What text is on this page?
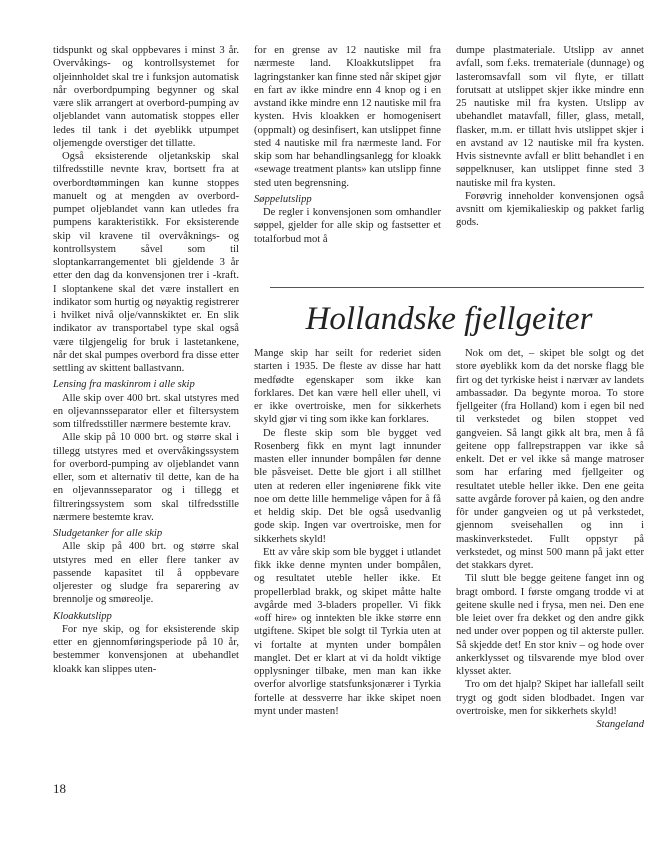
tidspunkt og skal oppbevares i minst 3 år. Overvåkings- og kontrollsystemet for oljeinnholdet skal tre i funksjon automatisk når overbordpumping begynner og skal være slik arrangert at overbord-pumping av oljeblandet vann automatisk stoppes eller ledes til tank i det øyeblikk utpumpet oljemengde overstiger det tillatte.

Også eksisterende oljetankskip skal tilfredsstille nevnte krav, bortsett fra at overbordtømmingen kan kunne stoppes manuelt og at mengden av overbord-pumpet oljeblandet vann kan utledes fra pumpens karakteristikk. For eksisterende skip vil kravene til overvåknings- og kontrollsystem såvel som til sloptankarrangementet bli gjeldende 3 år etter den dag da konvensjonen trer i -kraft. I sloptankene skal det være installert en indikator som hurtig og nøyaktig registrerer i hvilket nivå olje/vannskiktet er. En slik indikator av transportabel type skal også være tilgjengelig for bruk i lastetankene, når det skal pumpes overbord fra disse etter settling av skittent ballastvann.

Lensing fra maskinrom i alle skip

Alle skip over 400 brt. skal utstyres med en oljevannsseparator eller et filtersystem som tilfredsstiller nærmere bestemte krav.

Alle skip på 10 000 brt. og større skal i tillegg utstyres med et overvåkingssystem for overbord-pumping av oljeblandet vann eller, som et alternativ til dette, kan de ha en oljevannsseparator og i tillegg et filtreringssystem som skal tilfredsstille nærmere bestemte krav.

Sludgetanker for alle skip

Alle skip på 400 brt. og større skal utstyres med en eller flere tanker av passende kapasitet til å oppbevare oljerester og sludge fra separering av brennolje og smøreolje.

Kloakkutslipp

For nye skip, og for eksisterende skip etter en gjennomføringsperiode på 10 år, bestemmer konvensjonen at ubehandlet kloakk kan slippes uten-

for en grense av 12 nautiske mil fra nærmeste land. Kloakkutslippet fra lagringstanker kan finne sted når skipet gjør en fart av ikke mindre enn 4 knop og i en avstand ikke mindre enn 12 nautiske mil fra kysten. Hvis kloakken er homogenisert (oppmalt) og desinfisert, kan utslippet finne sted 4 nautiske mil fra nærmeste land. For skip som har behandlingsanlegg for kloakk «sewage treatment plants» kan utslipp finne sted uten begrensning.

Søppelutslipp

De regler i konvensjonen som omhandler søppel, gjelder for alle skip og fastsetter et totalforbud mot å

dumpe plastmateriale. Utslipp av annet avfall, som f.eks. tremateriale (dunnage) og lasteromsavfall som vil flyte, er tillatt forutsatt at utslippet skjer ikke mindre enn 25 nautiske mil fra kysten. Utslipp av ubehandlet matavfall, filler, glass, metall, flasker, m.m. er tillatt hvis utslippet skjer i en avstand av 12 nautiske mil fra kysten. Hvis sistnevnte avfall er blitt behandlet i en søppelknuser, kan utslippet finne sted 3 nautiske mil fra kysten.

Forøvrig inneholder konvensjonen også avsnitt om kjemikalieskip og pakket farlig gods.

Hollandske fjellgeiter

Mange skip har seilt for rederiet siden starten i 1935. De fleste av disse har hatt medfødte egenskaper som ikke kan forklares. Det kan være hell eller uhell, vi er ikke overtroiske, men for sikkerhets skyld gjør vi ting som ikke kan forklares.

De fleste skip som ble bygget ved Rosenberg fikk en mynt lagt innunder masten eller innunder bompålen før denne ble påsveiset. Dette ble gjort i all stillhet uten at rederen eller ingeniørene fikk vite noe om dette lille hemmelige våpen for å få et heldig skip. Det ble også usedvanlig gode skip. Ingen var overtroiske, men for sikkerhets skyld!

Ett av våre skip som ble bygget i utlandet fikk ikke denne mynten under bompålen, og resultatet uteble heller ikke. Et propellerblad brakk, og skipet måtte halte avgårde med 3-bladers propeller. Vi fikk «off hire» og inntekten ble ikke større enn utgiftene. Skipet ble solgt til Tyrkia uten at vi fortalte at mynten under bompålen manglet. Det er klart at vi da holdt viktige opplysninger tilbake, men man kan ikke overfor alvorlige statsfunksjonærer i Tyrkia fortelle at dessverre har ikke skipet noen mynt under masten!

Nok om det, – skipet ble solgt og det store øyeblikk kom da det norske flagg ble firt og det tyrkiske heist i nærvær av landets ambassadør. Da begynte moroa. To store fjellgeiter (fra Holland) kom i egen bil ned til verkstedet og bilen stoppet ved gangveien. Så langt gikk alt bra, men å få geitene opp fallrepstrappen var ikke så enkelt. Det er vel ikke så mange matroser som har erfaring med fjellgeiter og resultatet uteble heller ikke. Den ene geita satte avgårde forover på kaien, og den andre fôr under gangveien og ut på verkstedet, gjennom sveisehallen og inn i maskinverkstedet. Fullt oppstyr på verkstedet, og minst 500 mann på jakt etter det stakkars dyret.

Til slutt ble begge geitene fanget inn og bragt ombord. I første omgang trodde vi at geitene skulle ned i frysa, men nei. Den ene ble leiet over fra dekket og den andre gikk ned under over poppen og til akterste puller. Så skjedde det! En stor kniv – og hode over ankerklysset og tilsvarende mye blod over klysset akter.

Tro om det hjalp? Skipet har iallefall seilt trygt og godt siden blodbadet. Ingen var overtroiske, men for sikkerhets skyld!

Stangeland

18
